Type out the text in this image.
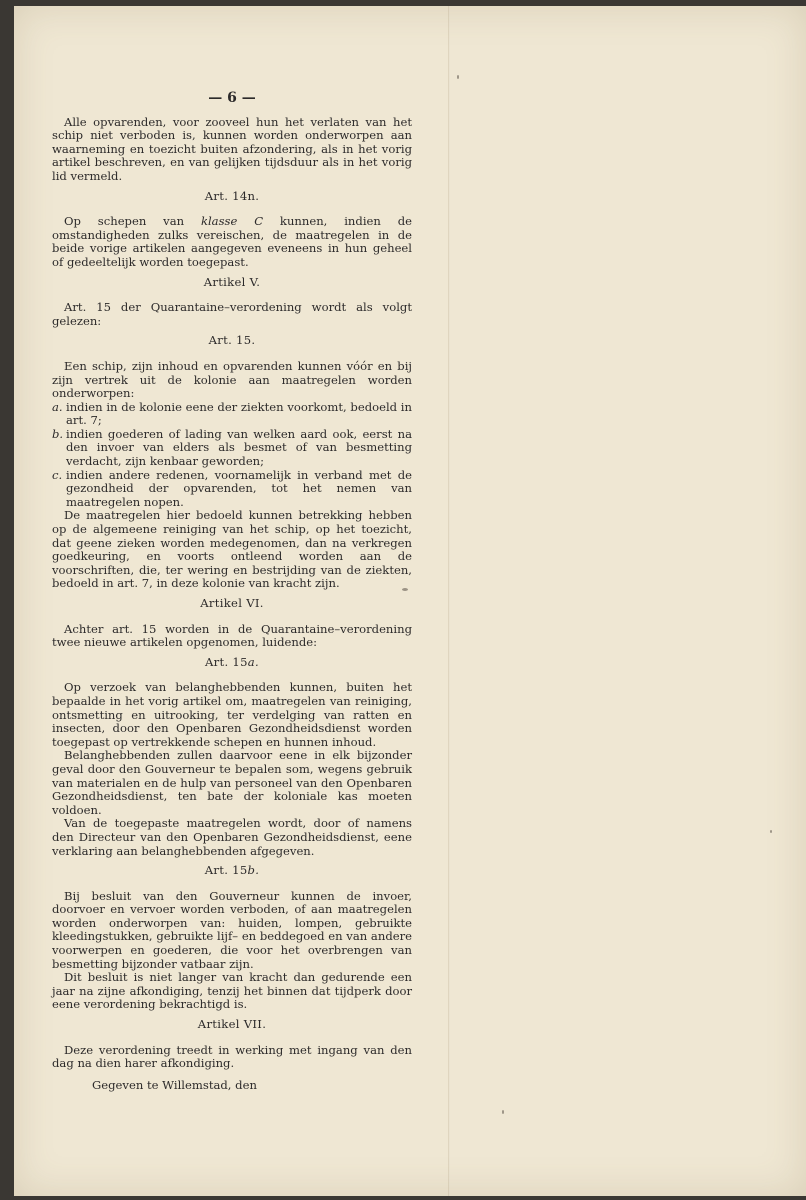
— 6 —

Alle opvarenden, voor zooveel hun het verlaten van het schip niet verboden is, kunnen worden onderworpen aan waarneming en toezicht buiten afzondering, als in het vorig artikel beschreven, en van gelijken tijdsduur als in het vorig lid vermeld.

Art. 14n.

Op schepen van klasse C kunnen, indien de omstandigheden zulks vereischen, de maatregelen in de beide vorige artikelen aangegeven eveneens in hun geheel of gedeeltelijk worden toegepast.

Artikel V.

Art. 15 der Quarantaine–verordening wordt als volgt gelezen:

Art. 15.

Een schip, zijn inhoud en opvarenden kunnen vóór en bij zijn vertrek uit de kolonie aan maatregelen worden onderworpen:

a. indien in de kolonie eene der ziekten voorkomt, bedoeld in art. 7;
b. indien goederen of lading van welken aard ook, eerst na den invoer van elders als besmet of van besmetting verdacht, zijn kenbaar geworden;
c. indien andere redenen, voornamelijk in verband met de gezondheid der opvarenden, tot het nemen van maatregelen nopen.

De maatregelen hier bedoeld kunnen betrekking hebben op de algemeene reiniging van het schip, op het toezicht, dat geene zieken worden medegenomen, dan na verkregen goedkeuring, en voorts ontleend worden aan de voorschriften, die, ter wering en bestrijding van de ziekten, bedoeld in art. 7, in deze kolonie van kracht zijn.

Artikel VI.

Achter art. 15 worden in de Quarantaine–verordening twee nieuwe artikelen opgenomen, luidende:

Art. 15a.

Op verzoek van belanghebbenden kunnen, buiten het bepaalde in het vorig artikel om, maatregelen van reiniging, ontsmetting en uitrooking, ter verdelging van ratten en insecten, door den Openbaren Gezondheidsdienst worden toegepast op vertrekkende schepen en hunnen inhoud.

Belanghebbenden zullen daarvoor eene in elk bijzonder geval door den Gouverneur te bepalen som, wegens gebruik van materialen en de hulp van personeel van den Openbaren Gezondheidsdienst, ten bate der koloniale kas moeten voldoen.

Van de toegepaste maatregelen wordt, door of namens den Directeur van den Openbaren Gezondheidsdienst, eene verklaring aan belanghebbenden afgegeven.

Art. 15b.

Bij besluit van den Gouverneur kunnen de invoer, doorvoer en vervoer worden verboden, of aan maatregelen worden onderworpen van: huiden, lompen, gebruikte kleedingstukken, gebruikte lijf– en beddegoed en van andere voorwerpen en goederen, die voor het overbrengen van besmetting bijzonder vatbaar zijn.

Dit besluit is niet langer van kracht dan gedurende een jaar na zijne afkondiging, tenzij het binnen dat tijdperk door eene verordening bekrachtigd is.

Artikel VII.

Deze verordening treedt in werking met ingang van den dag na dien harer afkondiging.

Gegeven te Willemstad, den
